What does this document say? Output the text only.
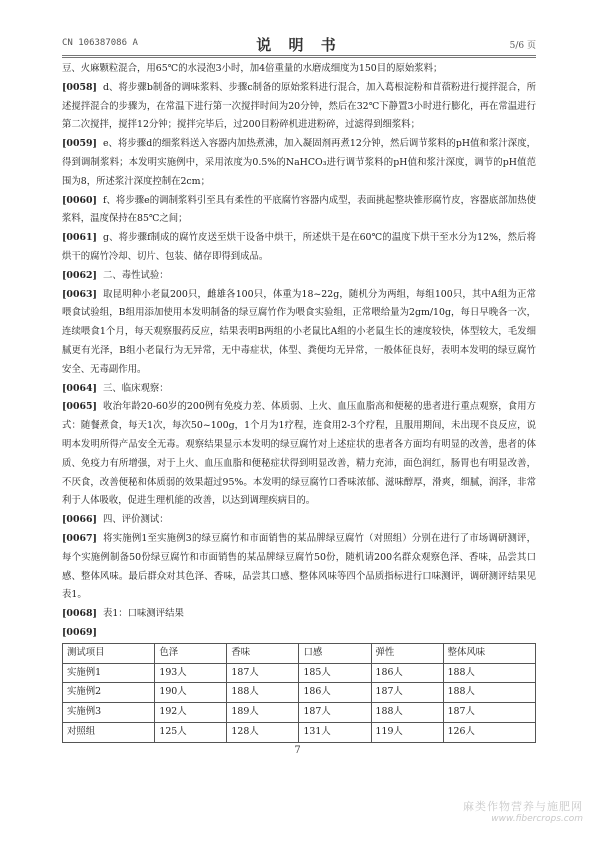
CN 106387086 A	说 明 书	5/6 页

豆、火麻颗粒混合，用65℃的水浸泡3小时，加4倍重量的水磨成细度为150目的原始浆料；

[0058] d、将步骤b制备的调味浆料、步骤c制备的原始浆料进行混合，加入葛根淀粉和苜蓿粉进行搅拌混合，所述搅拌混合的步骤为，在常温下进行第一次搅拌时间为20分钟，然后在32℃下静置3小时进行膨化，再在常温进行第二次搅拌，搅拌12分钟；搅拌完毕后，过200目粉碎机进进粉碎，过滤得到细浆料；

[0059] e、将步骤d的细浆料送入容器内加热煮沸，加入凝固剂再煮12分钟，然后调节浆料的pH值和浆汁深度，得到调制浆料；本发明实施例中，采用浓度为0.5%的NaHCO₃进行调节浆料的pH值和浆汁深度，调节的pH值范围为8，所述浆汁深度控制在2cm；

[0060] f、将步骤e的调制浆料引至具有柔性的平底腐竹容器内成型，表面挑起整块锥形腐竹皮，容器底部加热使浆料，温度保持在85℃之间；

[0061] g、将步骤f制成的腐竹皮送至烘干设备中烘干，所述烘干是在60℃的温度下烘干至水分为12%，然后将烘干的腐竹冷却、切片、包装、储存即得到成品。

[0062] 二、毒性试验：

[0063] 取昆明种小老鼠200只，雌雄各100只，体重为18~22g，随机分为两组，每组100只，其中A组为正常喂食试验组，B组用添加使用本发明制备的绿豆腐竹作为喂食实验组，正常喂给量为2gm/10g，每日早晚各一次，连续喂食1个月，每天观察服药反应，结果表明B两组的小老鼠比A组的小老鼠生长的速度较快，体型较大，毛发细腻更有光泽，B组小老鼠行为无异常，无中毒症状，体型、粪便均无异常，一般体征良好，表明本发明的绿豆腐竹安全、无毒副作用。

[0064] 三、临床观察：

[0065] 收治年龄20-60岁的200例有免疫力差、体质弱、上火、血压血脂高和便秘的患者进行重点观察，食用方式：随餐煮食，每天1次，每次50~100g，1个月为1疗程，连食用2-3个疗程，且服用期间，未出现不良反应，说明本发明所得产品安全无毒。观察结果显示本发明的绿豆腐竹对上述症状的患者各方面均有明显的改善，患者的体质、免疫力有所增强，对于上火、血压血脂和便秘症状得到明显改善，精力充沛，面色润红，肠胃也有明显改善，不厌食，改善便秘和体质弱的效果超过95%。本发明的绿豆腐竹口香味浓郁、滋味醇厚，滑爽，细腻，润泽，非常利于人体吸收，促进生理机能的改善，以达到调理疾病目的。

[0066] 四、评价测试：

[0067] 将实施例1至实施例3的绿豆腐竹和市面销售的某品牌绿豆腐竹（对照组）分别在进行了市场调研测评，每个实施例制备50份绿豆腐竹和市面销售的某品牌绿豆腐竹50份，随机请200名群众观察色泽、香味，品尝其口感、整体风味。最后群众对其色泽、香味，品尝其口感、整体风味等四个品质指标进行口味测评，调研测评结果见表1。

[0068] 表1：口味测评结果

[0069]

测试项目	色泽	香味	口感	弹性	整体风味
实施例1	193人	187人	185人	186人	188人
实施例2	190人	188人	186人	187人	188人
实施例3	192人	189人	187人	188人	187人
对照组	125人	128人	131人	119人	126人
7
麻类作物营养与施肥网
www.fibercrops.com
